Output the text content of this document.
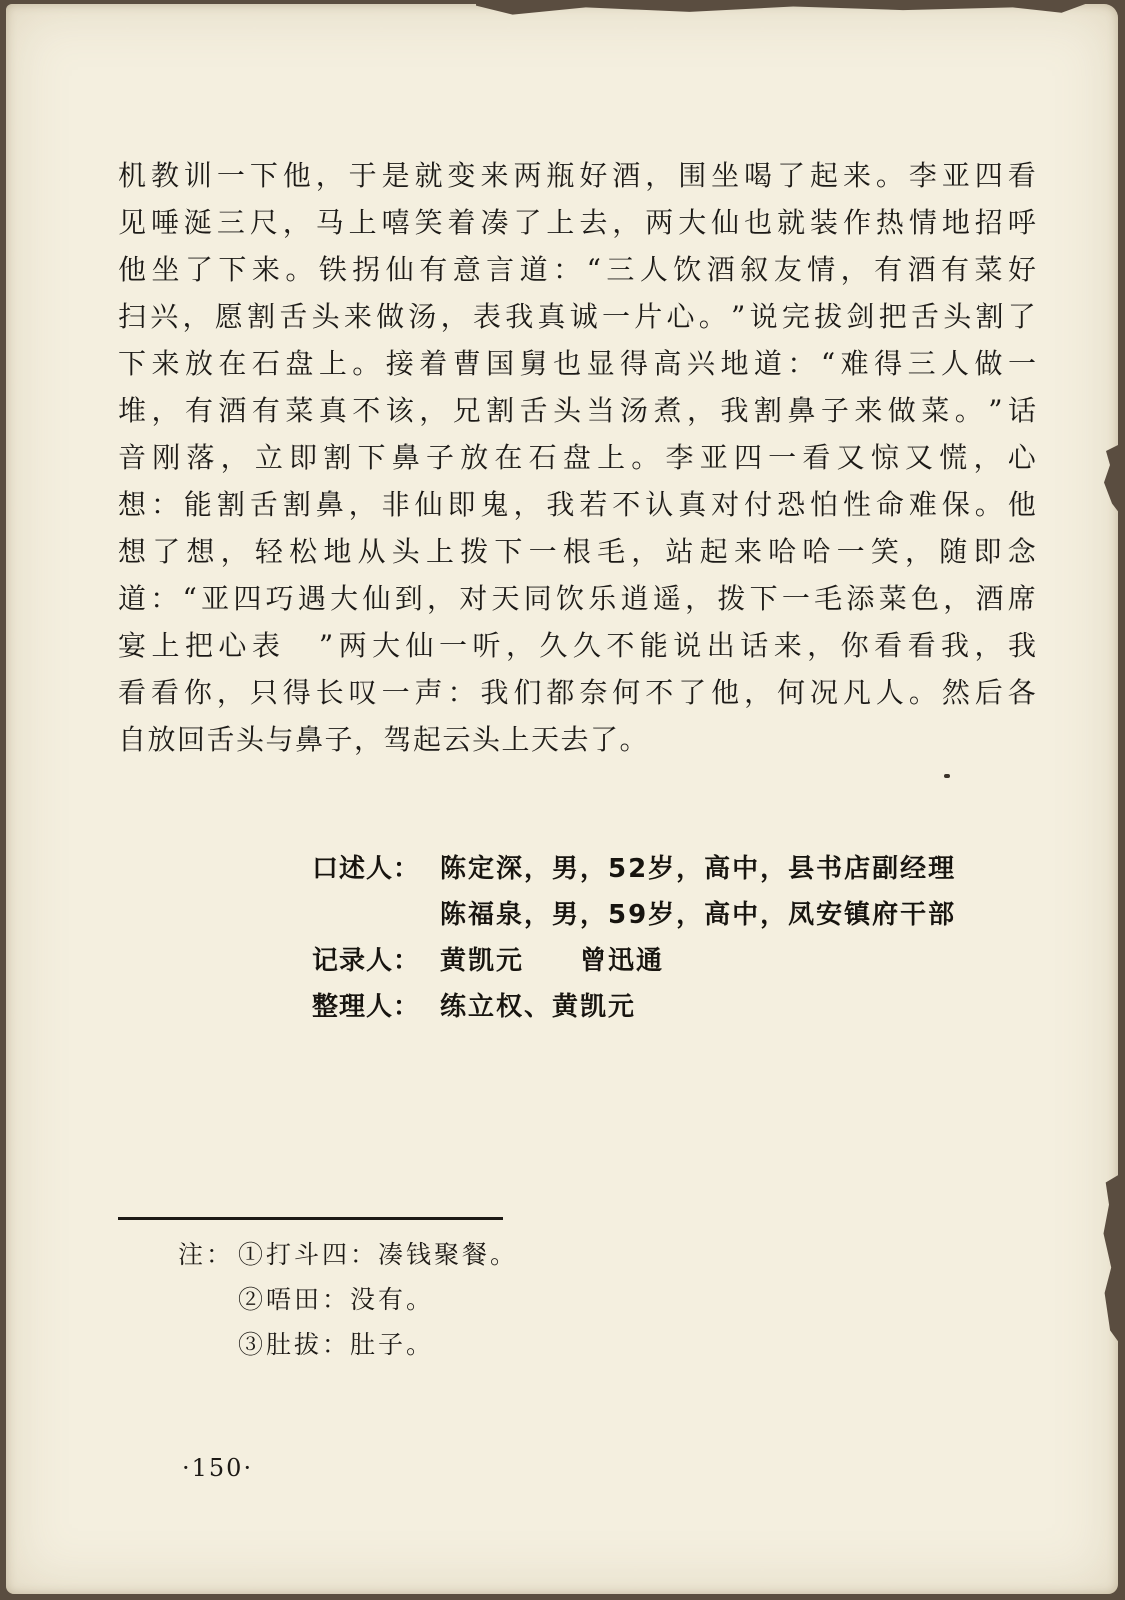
机 教 训 一 下 他 ， 于 是 就 变 来 两 瓶 好 酒 ， 围 坐 喝 了 起 来 。 李 亚 四 看
见 唾 涎 三 尺 ， 马 上 嘻 笑 着 凑 了 上 去 ， 两 大 仙 也 就 装 作 热 情 地 招 呼
他 坐 了 下 来 。 铁 拐 仙 有 意 言 道 ： “ 三 人 饮 酒 叙 友 情 ， 有 酒 有 菜 好
扫 兴 ， 愿 割 舌 头 来 做 汤 ， 表 我 真 诚 一 片 心 。 ” 说 完 拔 剑 把 舌 头 割 了
下 来 放 在 石 盘 上 。 接 着 曹 国 舅 也 显 得 高 兴 地 道 ： “ 难 得 三 人 做 一
堆 ， 有 酒 有 菜 真 不 该 ， 兄 割 舌 头 当 汤 煮 ， 我 割 鼻 子 来 做 菜 。 ” 话
音 刚 落 ， 立 即 割 下 鼻 子 放 在 石 盘 上 。 李 亚 四 一 看 又 惊 又 慌 ， 心
想 ： 能 割 舌 割 鼻 ， 非 仙 即 鬼 ， 我 若 不 认 真 对 付 恐 怕 性 命 难 保 。 他
想 了 想 ， 轻 松 地 从 头 上 拨 下 一 根 毛 ， 站 起 来 哈 哈 一 笑 ， 随 即 念
道 ： “ 亚 四 巧 遇 大 仙 到 ， 对 天 同 饮 乐 逍 遥 ， 拨 下 一 毛 添 菜 色 ， 酒 席
宴 上 把 心 表
　 ” 两 大 仙 一 听 ， 久 久 不 能 说 出 话 来 ， 你 看 看 我 ， 我
看 看 你 ， 只 得 长 叹 一 声 ： 我 们 都 奈 何 不 了 他 ， 何 况 凡 人 。 然 后 各
自放回舌头与鼻子，驾起云头上天去了。
口述人： 陈定深，男，52岁，高中，县书店副经理
陈福泉，男，59岁，高中，凤安镇府干部
记录人： 黄凯元　　曾迅通
整理人： 练立权、黄凯元
注： ①打斗四：凑钱聚餐。
②唔田：没有。
③肚拔：肚子。
·150·
